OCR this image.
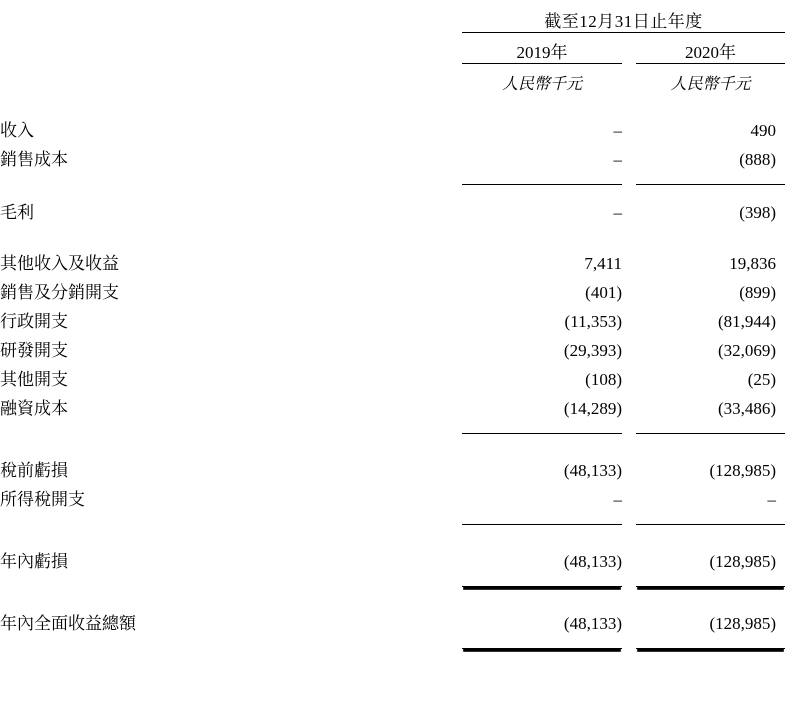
	截至12月31日止年度		
	2019年		2020年
	人民幣千元		人民幣千元

收入	–		490
銷售成本	–		(888)

毛利	–		(398)

其他收入及收益	7,411		19,836
銷售及分銷開支	(401)		(899)
行政開支	(11,353)		(81,944)
研發開支	(29,393)		(32,069)
其他開支	(108)		(25)
融資成本	(14,289)		(33,486)

稅前虧損	(48,133)		(128,985)
所得稅開支	–		–

年內虧損	(48,133)		(128,985)

年內全面收益總額	(48,133)		(128,985)
